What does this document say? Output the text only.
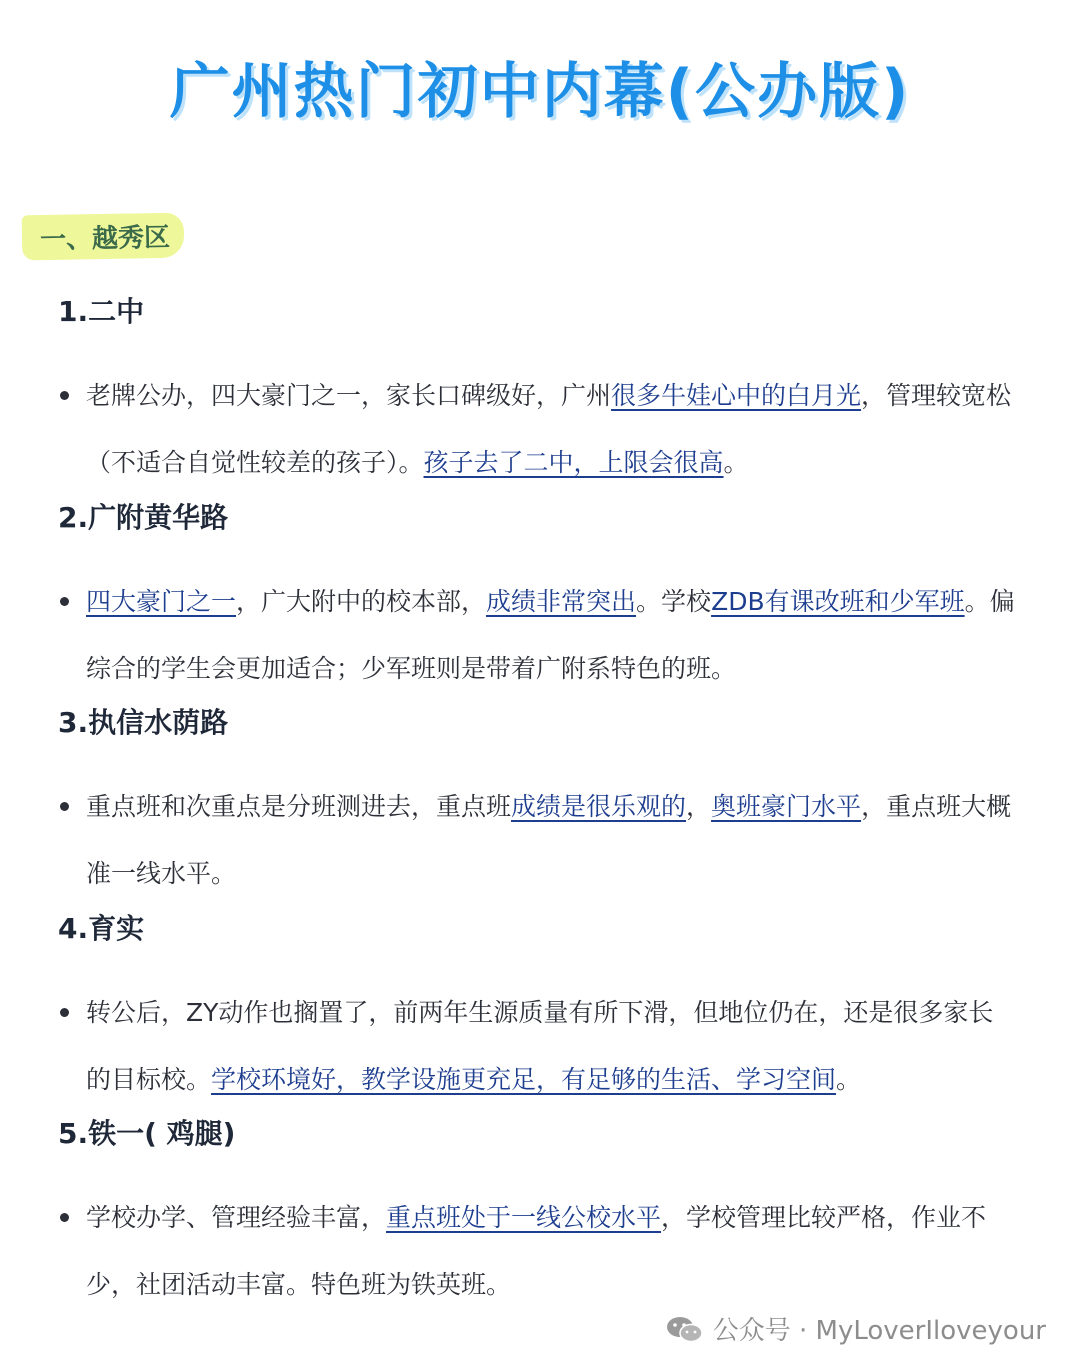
广州热门初中内幕(公办版)
一、越秀区
1.二中
老牌公办，四大豪门之一，家长口碑级好，广州很多牛娃心中的白月光，管理较宽松（不适合自觉性较差的孩子）。孩子去了二中，上限会很高。
2.广附黄华路
四大豪门之一，广大附中的校本部，成绩非常突出。学校ZDB有课改班和少军班。偏综合的学生会更加适合；少军班则是带着广附系特色的班。
3.执信水荫路
重点班和次重点是分班测进去，重点班成绩是很乐观的，奥班豪门水平，重点班大概准一线水平。
4.育实
转公后，ZY动作也搁置了，前两年生源质量有所下滑，但地位仍在，还是很多家长的目标校。学校环境好，教学设施更充足，有足够的生活、学习空间。
5.铁一( 鸡腿)
学校办学、管理经验丰富，重点班处于一线公校水平，学校管理比较严格，作业不少，社团活动丰富。特色班为铁英班。
公众号 · MyLoverIloveyour
